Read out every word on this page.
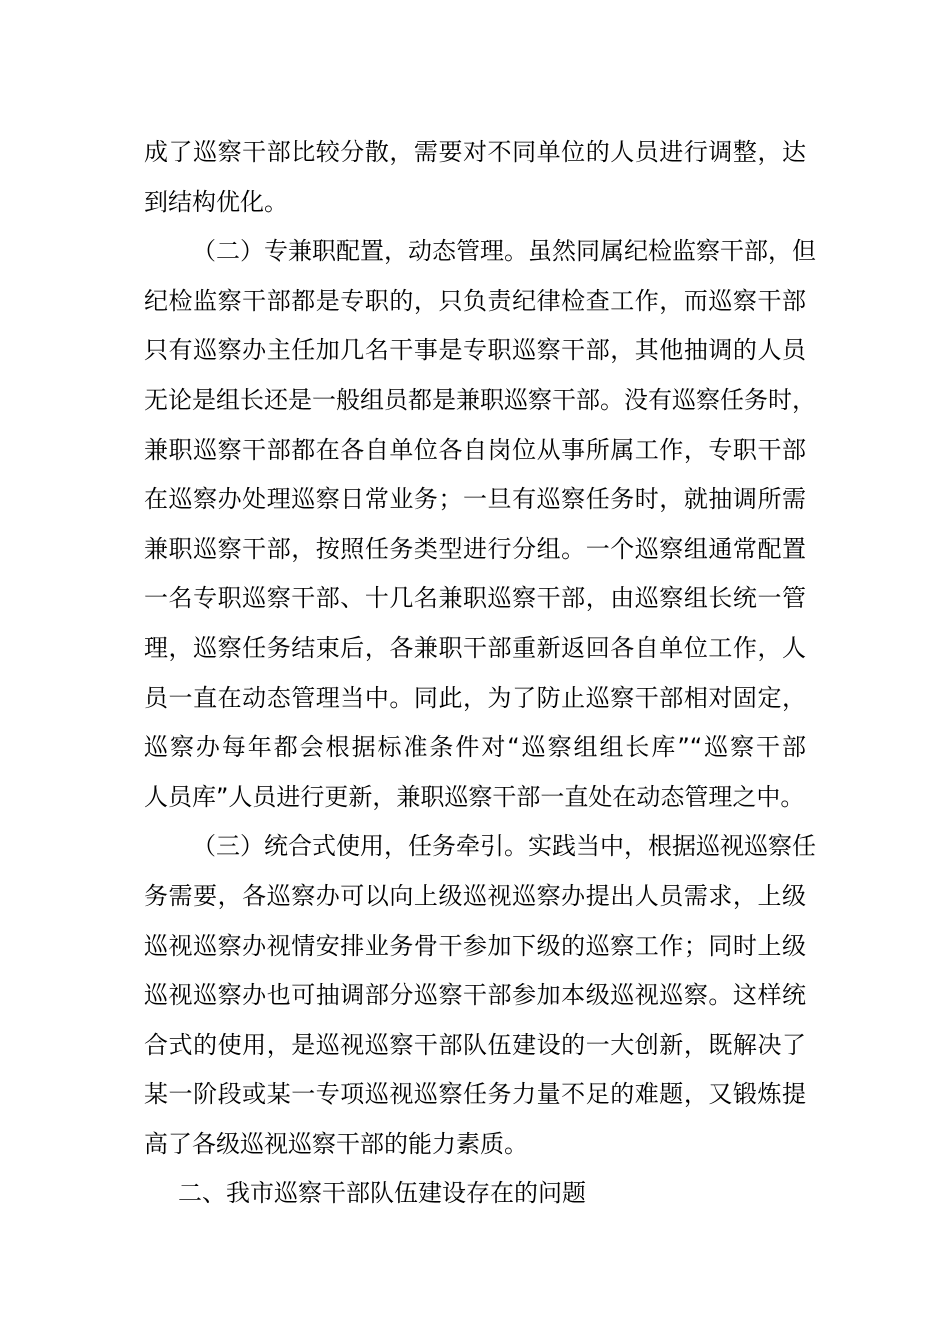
成了巡察干部比较分散，需要对不同单位的人员进行调整，达
到结构优化。
（二）专兼职配置，动态管理。虽然同属纪检监察干部，但
纪检监察干部都是专职的，只负责纪律检查工作，而巡察干部
只有巡察办主任加几名干事是专职巡察干部，其他抽调的人员
无论是组长还是一般组员都是兼职巡察干部。没有巡察任务时，
兼职巡察干部都在各自单位各自岗位从事所属工作，专职干部
在巡察办处理巡察日常业务；一旦有巡察任务时，就抽调所需
兼职巡察干部，按照任务类型进行分组。一个巡察组通常配置
一名专职巡察干部、十几名兼职巡察干部，由巡察组长统一管
理，巡察任务结束后，各兼职干部重新返回各自单位工作，人
员一直在动态管理当中。同此，为了防止巡察干部相对固定，
巡察办每年都会根据标准条件对“巡察组组长库”“巡察干部
人员库”人员进行更新，兼职巡察干部一直处在动态管理之中。
（三）统合式使用，任务牵引。实践当中，根据巡视巡察任
务需要，各巡察办可以向上级巡视巡察办提出人员需求，上级
巡视巡察办视情安排业务骨干参加下级的巡察工作；同时上级
巡视巡察办也可抽调部分巡察干部参加本级巡视巡察。这样统
合式的使用，是巡视巡察干部队伍建设的一大创新，既解决了
某一阶段或某一专项巡视巡察任务力量不足的难题，又锻炼提
高了各级巡视巡察干部的能力素质。
二、我市巡察干部队伍建设存在的问题
